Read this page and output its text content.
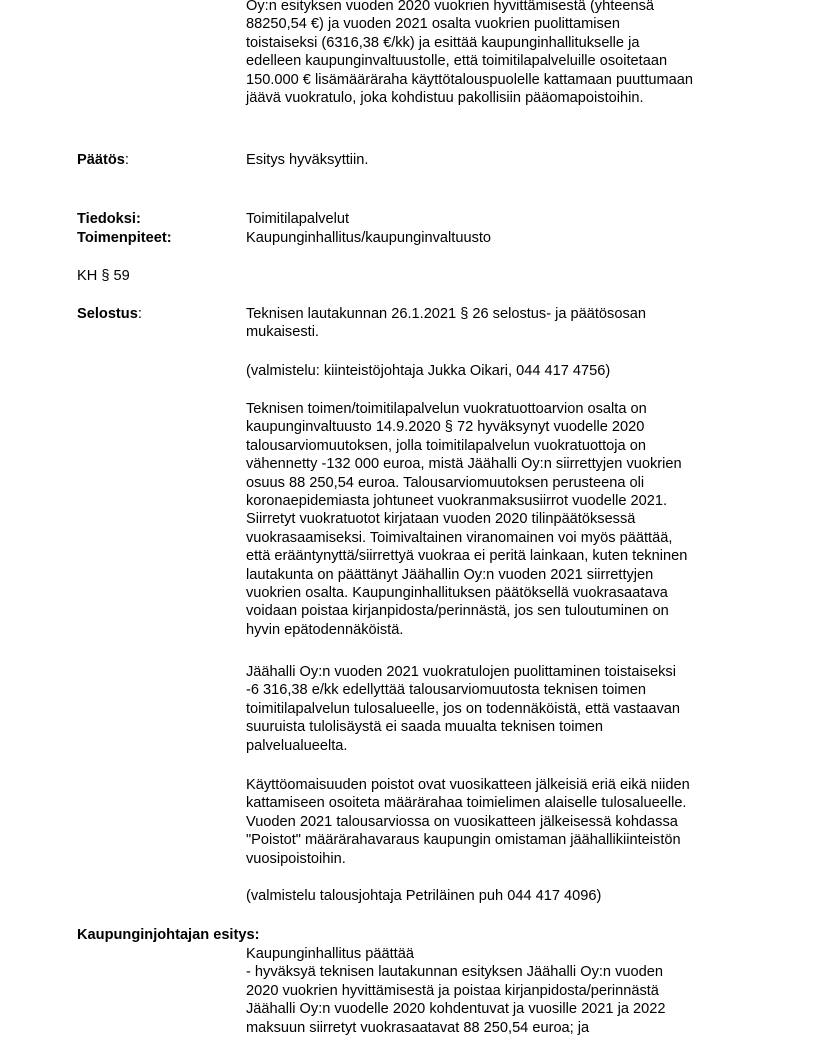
Oy:n esityksen vuoden 2020 vuokrien hyvittämisestä (yhteensä
88250,54 €) ja vuoden 2021 osalta vuokrien puolittamisen
toistaiseksi (6316,38 €/kk) ja esittää kaupunginhallitukselle ja
edelleen kaupunginvaltuustolle, että toimitilapalveluille osoitetaan
150.000 € lisämääräraha käyttötalouspuolelle kattamaan puuttumaan
jäävä vuokratulo, joka kohdistuu pakollisiin pääomapoistoihin.

Päätös:	Esitys hyväksyttiin.

Tiedoksi:
Toimenpiteet:
Toimitilapalvelut
Kaupunginhallitus/kaupunginvaltuusto
KH § 59
Selostus:	Teknisen lautakunnan 26.1.2021 § 26 selostus- ja päätösosan
mukaisesti.

(valmistelu: kiinteistöjohtaja Jukka Oikari, 044 417 4756)

Teknisen toimen/toimitilapalvelun vuokratuottoarvion osalta on
kaupunginvaltuusto 14.9.2020 § 72 hyväksynyt vuodelle 2020
talousarviomuutoksen, jolla toimitilapalvelun vuokratuottoja on
vähennetty -132 000 euroa, mistä Jäähalli Oy:n siirrettyjen vuokrien
osuus 88 250,54 euroa. Talousarviomuutoksen perusteena oli
koronaepidemiasta johtuneet vuokranmaksusiirrot vuodelle 2021.
Siirretyt vuokratuotot kirjataan vuoden 2020 tilinpäätöksessä
vuokrasaamiseksi. Toimivaltainen viranomainen voi myös päättää,
että erääntynyttä/siirrettyä vuokraa ei peritä lainkaan, kuten tekninen
lautakunta on päättänyt Jäähallin Oy:n vuoden 2021 siirrettyjen
vuokrien osalta. Kaupunginhallituksen päätöksellä vuokrasaatava
voidaan poistaa kirjanpidosta/perinnästä, jos sen tuloutuminen on
hyvin epätodennäköistä.

Jäähalli Oy:n vuoden 2021 vuokratulojen puolittaminen toistaiseksi
-6 316,38 e/kk edellyttää talousarviomuutosta teknisen toimen
toimitilapalvelun tulosalueelle, jos on todennäköistä, että vastaavan
suuruista tulolisäystä ei saada muualta teknisen toimen
palvelualueelta.

Käyttöomaisuuden poistot ovat vuosikatteen jälkeisiä eriä eikä niiden
kattamiseen osoiteta määrärahaa toimielimen alaiselle tulosalueelle.
Vuoden 2021 talousarviossa on vuosikatteen jälkeisessä kohdassa
"Poistot" määrärahavaraus kaupungin omistaman jäähallikiinteistön
vuosipoistoihin.

(valmistelu talousjohtaja Petriläinen puh 044 417 4096)

Kaupunginjohtajan esitys:

Kaupunginhallitus päättää
- hyväksyä teknisen lautakunnan esityksen Jäähalli Oy:n vuoden
2020 vuokrien hyvittämisestä ja poistaa kirjanpidosta/perinnästä
Jäähalli Oy:n vuodelle 2020 kohdentuvat ja vuosille 2021 ja 2022
maksuun siirretyt vuokrasaatavat 88 250,54 euroa; ja
